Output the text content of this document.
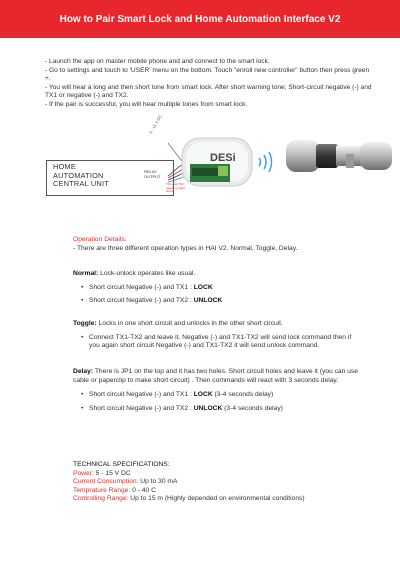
How to Pair Smart Lock and Home Automation Interface V2

- Launch the app on master mobile phone and and connect to the smart lock.

- Go to settings and touch to 'USER' menu on the bottom. Touch "enroll new controller" button then press green +.

- You will hear a long and then short tone from smart lock. After short warning tone; Short-circuit negative (-) and TX1 or negative (-) and TX2.

- If the pair is successful, you will hear multiple tones from smart lock.

HOME
AUTOMATION
CENTRAL UNIT
RELAY
OUTPUT
TX1 and TX2 needs to short circuit
5 - 15 V DC
DESi
Operation Details:
- There are three different operation types in HAI V2. Normal, Toggle, Delay.
Normal: Lock-unlock operates like usual.
• Short circuit Negative (-) and TX1 : LOCK
• Short circuit Negative (-) and TX2 : UNLOCK
Toggle: Locks in one short circuit and unlocks in the other short circuit.
• Connect TX1-TX2 and leave it. Negative (-) and TX1-TX2 will send lock command then if you again short circuit Negative (-) and TX1-TX2 it will send unlock command.
Delay: There is JP1 on the top and it has two holes. Short circuit holes and leave it (you can use cable or paperclip to make short circuit) . Then commands will react with 3 seconds delay.
• Short circuit Negative (-) and TX1 : LOCK (3-4 seconds delay)
• Short circuit Negative (-) and TX2 : UNLOCK (3-4 seconds delay)
TECHNICAL SPECIFICATIONS:
Power: 5 - 15 V DC
Current Consumption: Up to 30 mA
Temprature Range: 0 - 40 C
Controlling Range: Up to 15 m (Highly depended on environmental conditions)
